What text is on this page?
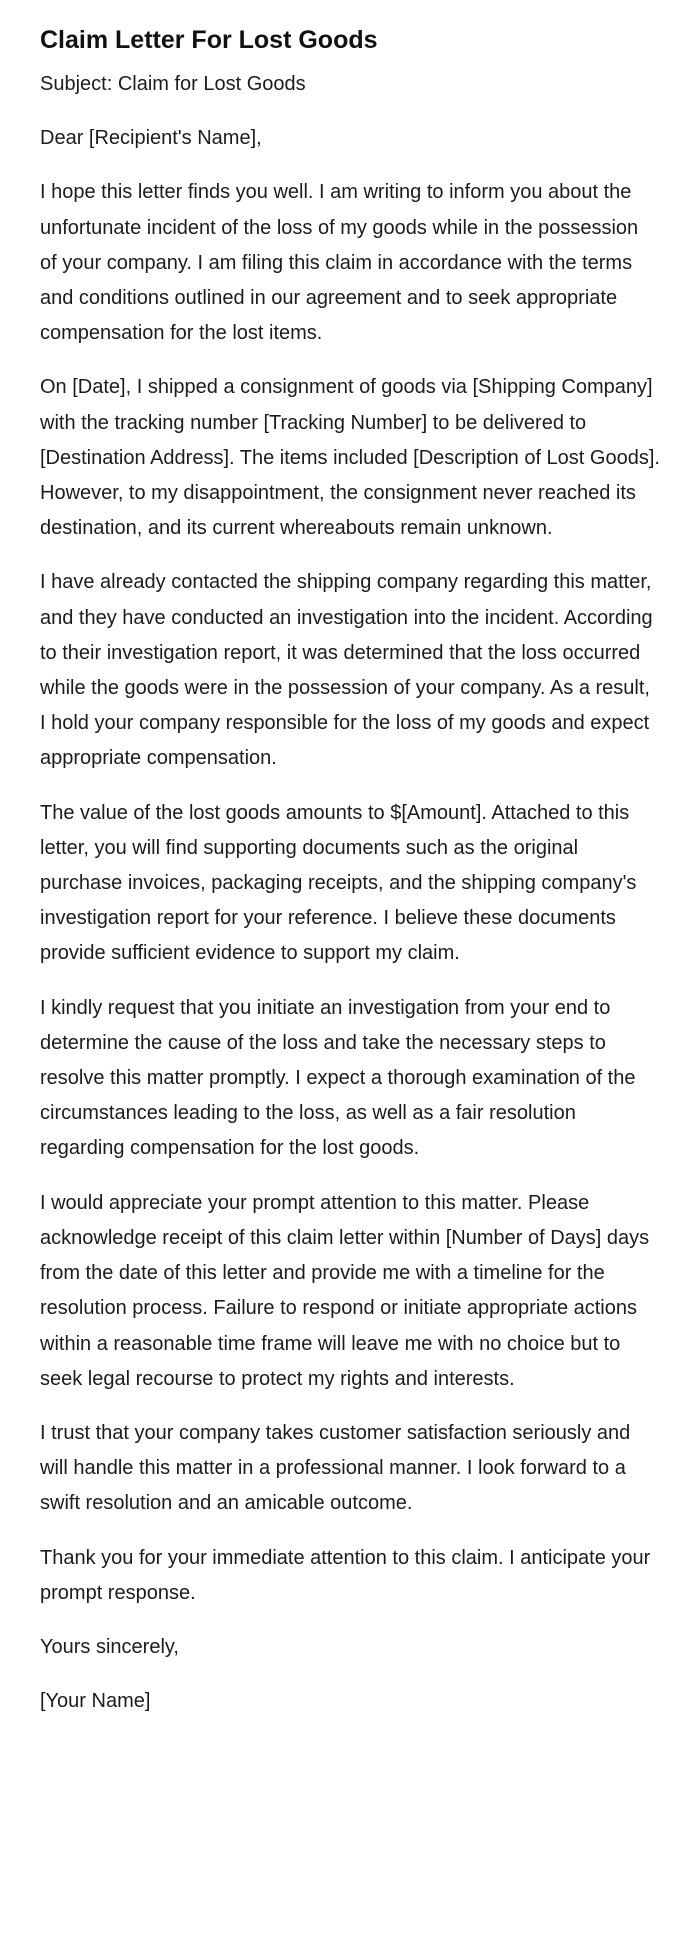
Claim Letter For Lost Goods

Subject: Claim for Lost Goods

Dear [Recipient's Name],

I hope this letter finds you well. I am writing to inform you about the unfortunate incident of the loss of my goods while in the possession of your company. I am filing this claim in accordance with the terms and conditions outlined in our agreement and to seek appropriate compensation for the lost items.

On [Date], I shipped a consignment of goods via [Shipping Company] with the tracking number [Tracking Number] to be delivered to [Destination Address]. The items included [Description of Lost Goods]. However, to my disappointment, the consignment never reached its destination, and its current whereabouts remain unknown.

I have already contacted the shipping company regarding this matter, and they have conducted an investigation into the incident. According to their investigation report, it was determined that the loss occurred while the goods were in the possession of your company. As a result, I hold your company responsible for the loss of my goods and expect appropriate compensation.

The value of the lost goods amounts to $[Amount]. Attached to this letter, you will find supporting documents such as the original purchase invoices, packaging receipts, and the shipping company's investigation report for your reference. I believe these documents provide sufficient evidence to support my claim.

I kindly request that you initiate an investigation from your end to determine the cause of the loss and take the necessary steps to resolve this matter promptly. I expect a thorough examination of the circumstances leading to the loss, as well as a fair resolution regarding compensation for the lost goods.

I would appreciate your prompt attention to this matter. Please acknowledge receipt of this claim letter within [Number of Days] days from the date of this letter and provide me with a timeline for the resolution process. Failure to respond or initiate appropriate actions within a reasonable time frame will leave me with no choice but to seek legal recourse to protect my rights and interests.

I trust that your company takes customer satisfaction seriously and will handle this matter in a professional manner. I look forward to a swift resolution and an amicable outcome.

Thank you for your immediate attention to this claim. I anticipate your prompt response.

Yours sincerely,

[Your Name]
